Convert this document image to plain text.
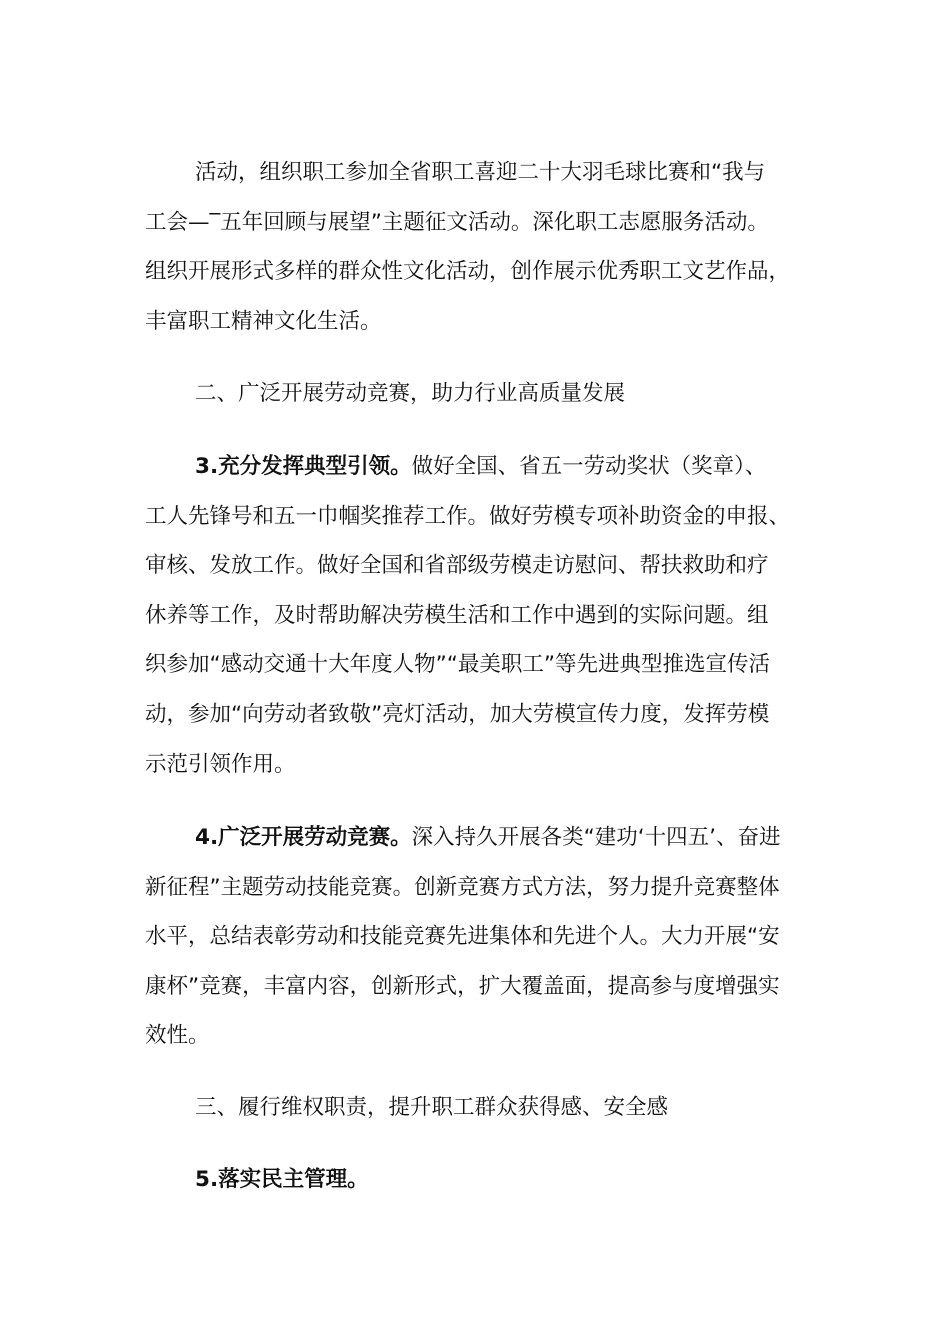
活动，组织职工参加全省职工喜迎二十大羽毛球比赛和“我与
工会—‾五年回顾与展望”主题征文活动。深化职工志愿服务活动。
组织开展形式多样的群众性文化活动，创作展示优秀职工文艺作品，
丰富职工精神文化生活。
二、广泛开展劳动竞赛，助力行业高质量发展
3.充分发挥典型引领。做好全国、省五一劳动奖状（奖章）、
工人先锋号和五一巾帼奖推荐工作。做好劳模专项补助资金的申报、
审核、发放工作。做好全国和省部级劳模走访慰问、帮扶救助和疗
休养等工作，及时帮助解决劳模生活和工作中遇到的实际问题。组
织参加“感动交通十大年度人物”“最美职工”等先进典型推选宣传活
动，参加“向劳动者致敬”亮灯活动，加大劳模宣传力度，发挥劳模
示范引领作用。
4.广泛开展劳动竞赛。深入持久开展各类“建功‘十四五’、奋进
新征程”主题劳动技能竞赛。创新竞赛方式方法，努力提升竞赛整体
水平，总结表彰劳动和技能竞赛先进集体和先进个人。大力开展“安
康杯”竞赛，丰富内容，创新形式，扩大覆盖面，提高参与度增强实
效性。
三、履行维权职责，提升职工群众获得感、安全感
5.落实民主管理。
